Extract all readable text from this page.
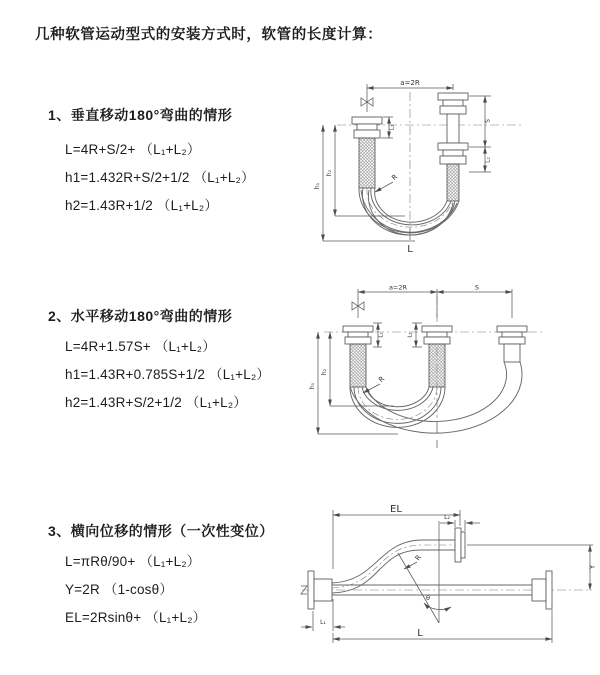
几种软管运动型式的安装方式时，软管的长度计算：
1、垂直移动180°弯曲的情形
L=4R+S/2+ （L₁+L₂）
h1=1.432R+S/2+1/2 （L₁+L₂）
h2=1.43R+1/2 （L₁+L₂）
a=2R
S
L₂
L₁
h₁
h₂	R
L
2、水平移动180°弯曲的情形
L=4R+1.57S+ （L₁+L₂）
h1=1.43R+0.785S+1/2 （L₁+L₂）
h2=1.43R+S/2+1/2 （L₁+L₂）
a=2R	S
L₁	L₂
h₁
h₂
R
3、横向位移的情形（一次性变位）
L=πRθ/90+ （L₁+L₂）
Y=2R （1-cosθ）
EL=2Rsinθ+ （L₁+L₂）
EL
L₂
Y
R
θ
L₁
L
